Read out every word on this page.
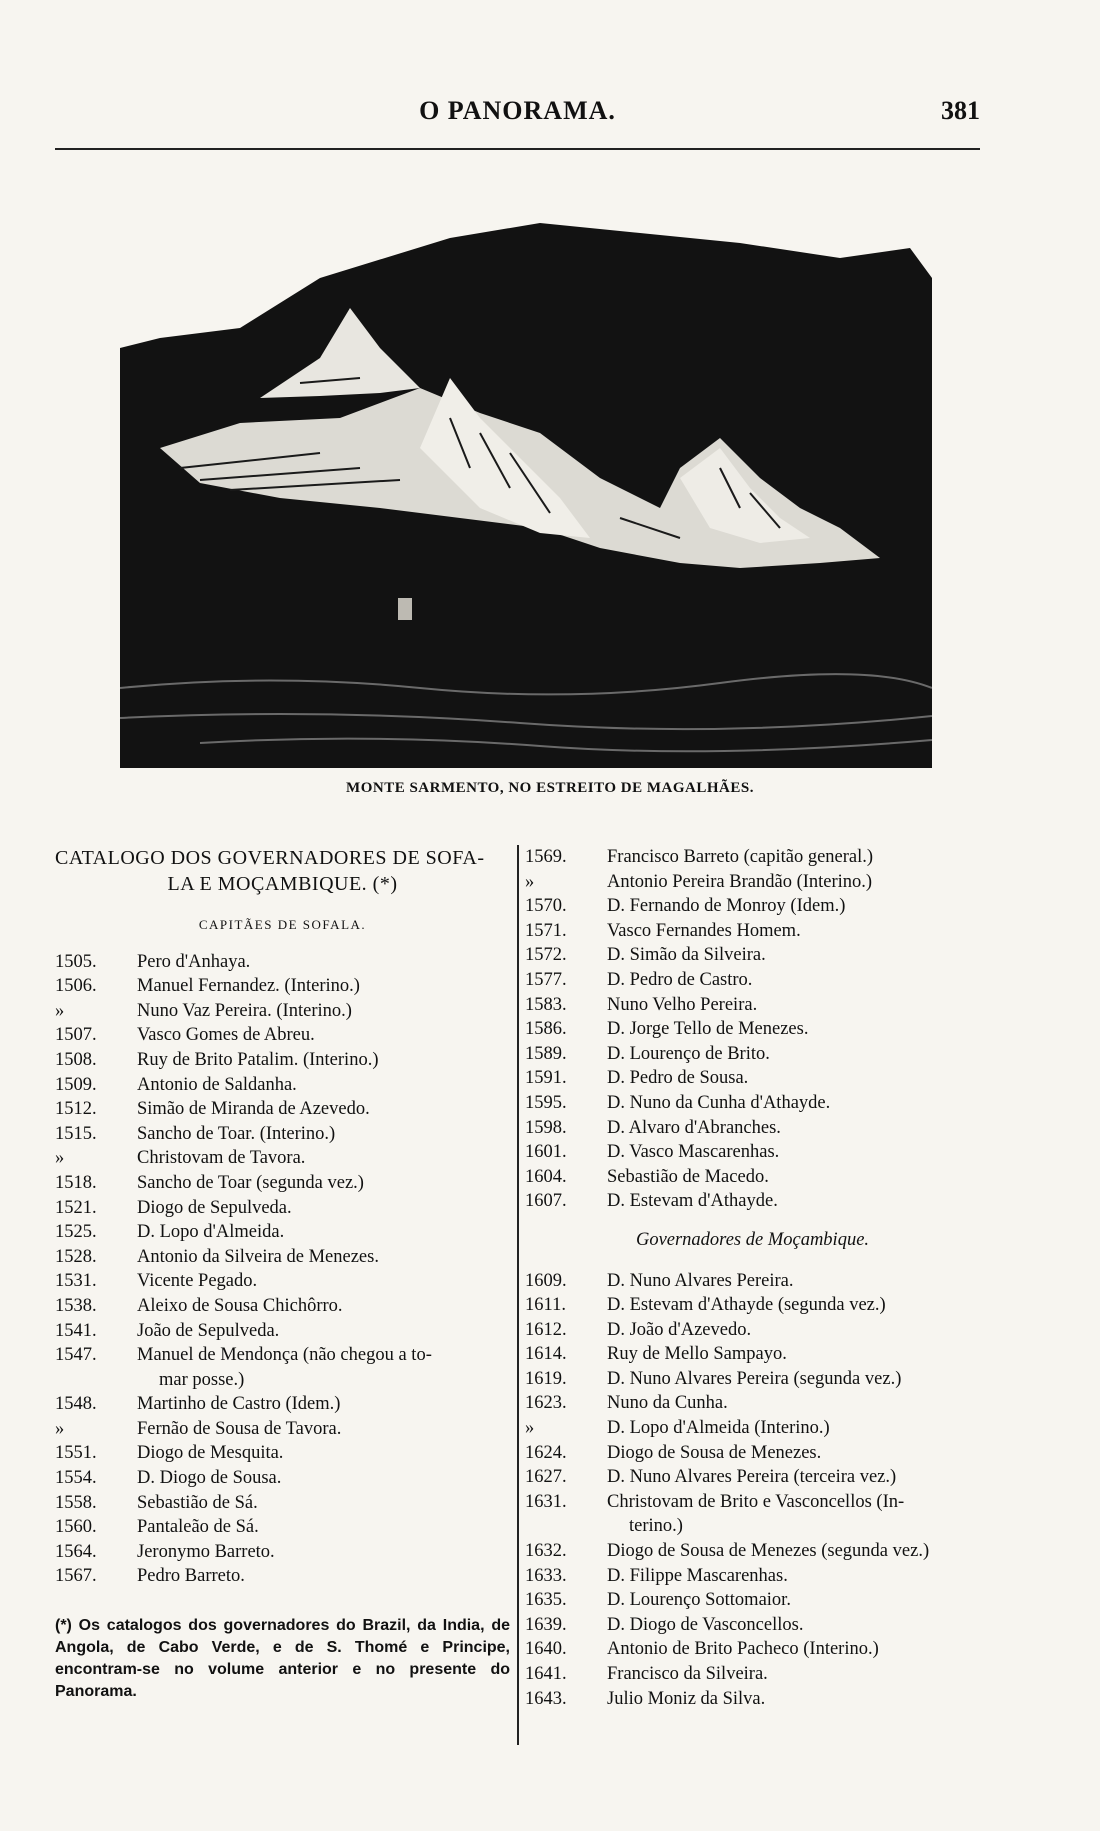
O PANORAMA.	381
MONTE SARMENTO, NO ESTREITO DE MAGALHÃES.
CATALOGO DOS GOVERNADORES DE SOFA-
LA E MOÇAMBIQUE. (*)
CAPITÃES DE SOFALA.
1505.	Pero d'Anhaya.
1506.	Manuel Fernandez. (Interino.)
»	Nuno Vaz Pereira. (Interino.)
1507.	Vasco Gomes de Abreu.
1508.	Ruy de Brito Patalim. (Interino.)
1509.	Antonio de Saldanha.
1512.	Simão de Miranda de Azevedo.
1515.	Sancho de Toar. (Interino.)
»	Christovam de Tavora.
1518.	Sancho de Toar (segunda vez.)
1521.	Diogo de Sepulveda.
1525.	D. Lopo d'Almeida.
1528.	Antonio da Silveira de Menezes.
1531.	Vicente Pegado.
1538.	Aleixo de Sousa Chichôrro.
1541.	João de Sepulveda.
1547.	Manuel de Mendonça (não chegou a to-
mar posse.)
1548.	Martinho de Castro (Idem.)
»	Fernão de Sousa de Tavora.
1551.	Diogo de Mesquita.
1554.	D. Diogo de Sousa.
1558.	Sebastião de Sá.
1560.	Pantaleão de Sá.
1564.	Jeronymo Barreto.
1567.	Pedro Barreto.
(*) Os catalogos dos governadores do Brazil, da India, de Angola, de Cabo Verde, e de S. Thomé e Principe, encontram-se no volume anterior e no presente do Panorama.
1569.	Francisco Barreto (capitão general.)
»	Antonio Pereira Brandão (Interino.)
1570.	D. Fernando de Monroy (Idem.)
1571.	Vasco Fernandes Homem.
1572.	D. Simão da Silveira.
1577.	D. Pedro de Castro.
1583.	Nuno Velho Pereira.
1586.	D. Jorge Tello de Menezes.
1589.	D. Lourenço de Brito.
1591.	D. Pedro de Sousa.
1595.	D. Nuno da Cunha d'Athayde.
1598.	D. Alvaro d'Abranches.
1601.	D. Vasco Mascarenhas.
1604.	Sebastião de Macedo.
1607.	D. Estevam d'Athayde.
Governadores de Moçambique.
1609.	D. Nuno Alvares Pereira.
1611.	D. Estevam d'Athayde (segunda vez.)
1612.	D. João d'Azevedo.
1614.	Ruy de Mello Sampayo.
1619.	D. Nuno Alvares Pereira (segunda vez.)
1623.	Nuno da Cunha.
»	D. Lopo d'Almeida (Interino.)
1624.	Diogo de Sousa de Menezes.
1627.	D. Nuno Alvares Pereira (terceira vez.)
1631.	Christovam de Brito e Vasconcellos (In-
terino.)
1632.	Diogo de Sousa de Menezes (segunda vez.)
1633.	D. Filippe Mascarenhas.
1635.	D. Lourenço Sottomaior.
1639.	D. Diogo de Vasconcellos.
1640.	Antonio de Brito Pacheco (Interino.)
1641.	Francisco da Silveira.
1643.	Julio Moniz da Silva.
